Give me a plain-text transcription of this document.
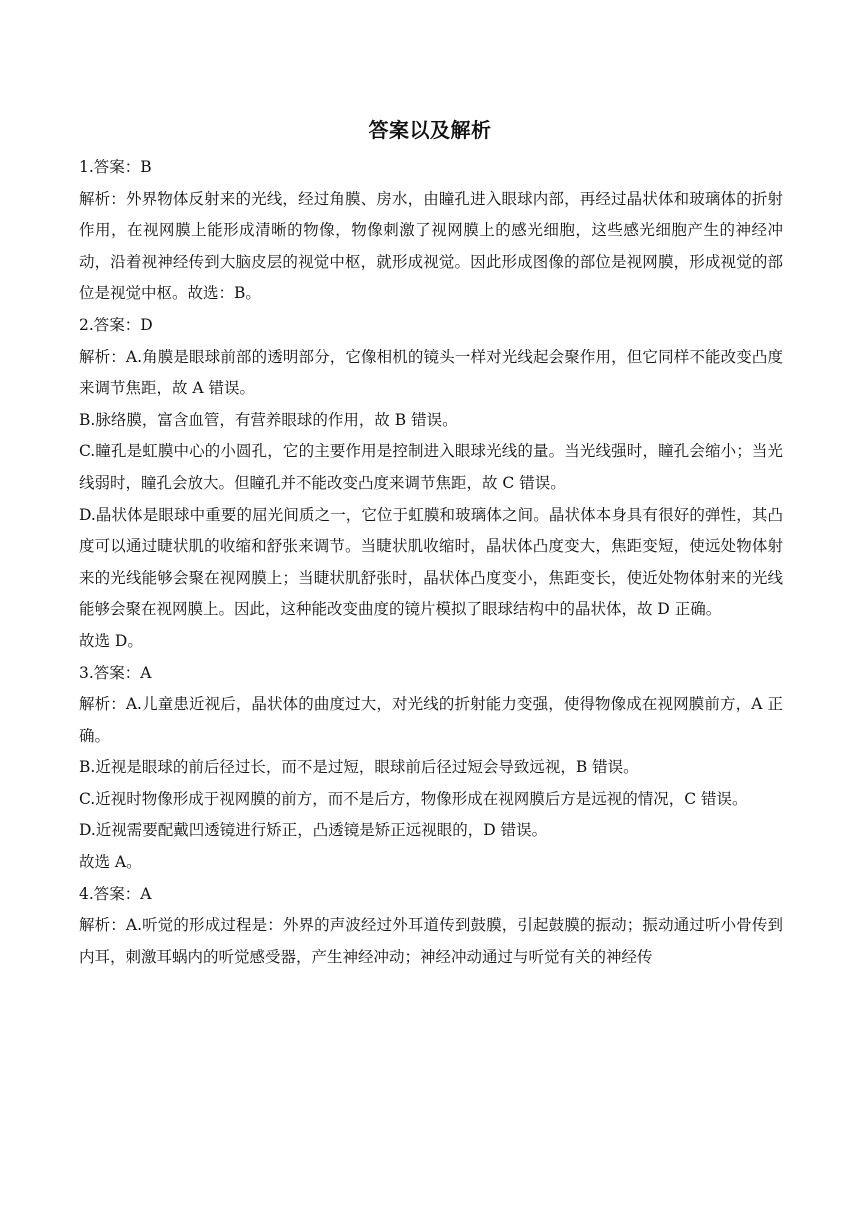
答案以及解析

1.答案：B

解析：外界物体反射来的光线，经过角膜、房水，由瞳孔进入眼球内部，再经过晶状体和玻璃体的折射作用，在视网膜上能形成清晰的物像，物像刺激了视网膜上的感光细胞，这些感光细胞产生的神经冲动，沿着视神经传到大脑皮层的视觉中枢，就形成视觉。因此形成图像的部位是视网膜，形成视觉的部位是视觉中枢。故选：B。

2.答案：D

解析：A.角膜是眼球前部的透明部分，它像相机的镜头一样对光线起会聚作用，但它同样不能改变凸度来调节焦距，故 A 错误。

B.脉络膜，富含血管，有营养眼球的作用，故 B 错误。

C.瞳孔是虹膜中心的小圆孔，它的主要作用是控制进入眼球光线的量。当光线强时，瞳孔会缩小；当光线弱时，瞳孔会放大。但瞳孔并不能改变凸度来调节焦距，故 C 错误。

D.晶状体是眼球中重要的屈光间质之一，它位于虹膜和玻璃体之间。晶状体本身具有很好的弹性，其凸度可以通过睫状肌的收缩和舒张来调节。当睫状肌收缩时，晶状体凸度变大，焦距变短，使远处物体射来的光线能够会聚在视网膜上；当睫状肌舒张时，晶状体凸度变小，焦距变长，使近处物体射来的光线能够会聚在视网膜上。因此，这种能改变曲度的镜片模拟了眼球结构中的晶状体，故 D 正确。

故选 D。

3.答案：A

解析：A.儿童患近视后，晶状体的曲度过大，对光线的折射能力变强，使得物像成在视网膜前方，A 正确。

B.近视是眼球的前后径过长，而不是过短，眼球前后径过短会导致远视，B 错误。

C.近视时物像形成于视网膜的前方，而不是后方，物像形成在视网膜后方是远视的情况，C 错误。

D.近视需要配戴凹透镜进行矫正，凸透镜是矫正远视眼的，D 错误。

故选 A。

4.答案：A

解析：A.听觉的形成过程是：外界的声波经过外耳道传到鼓膜，引起鼓膜的振动；振动通过听小骨传到内耳，刺激耳蜗内的听觉感受器，产生神经冲动；神经冲动通过与听觉有关的神经传
